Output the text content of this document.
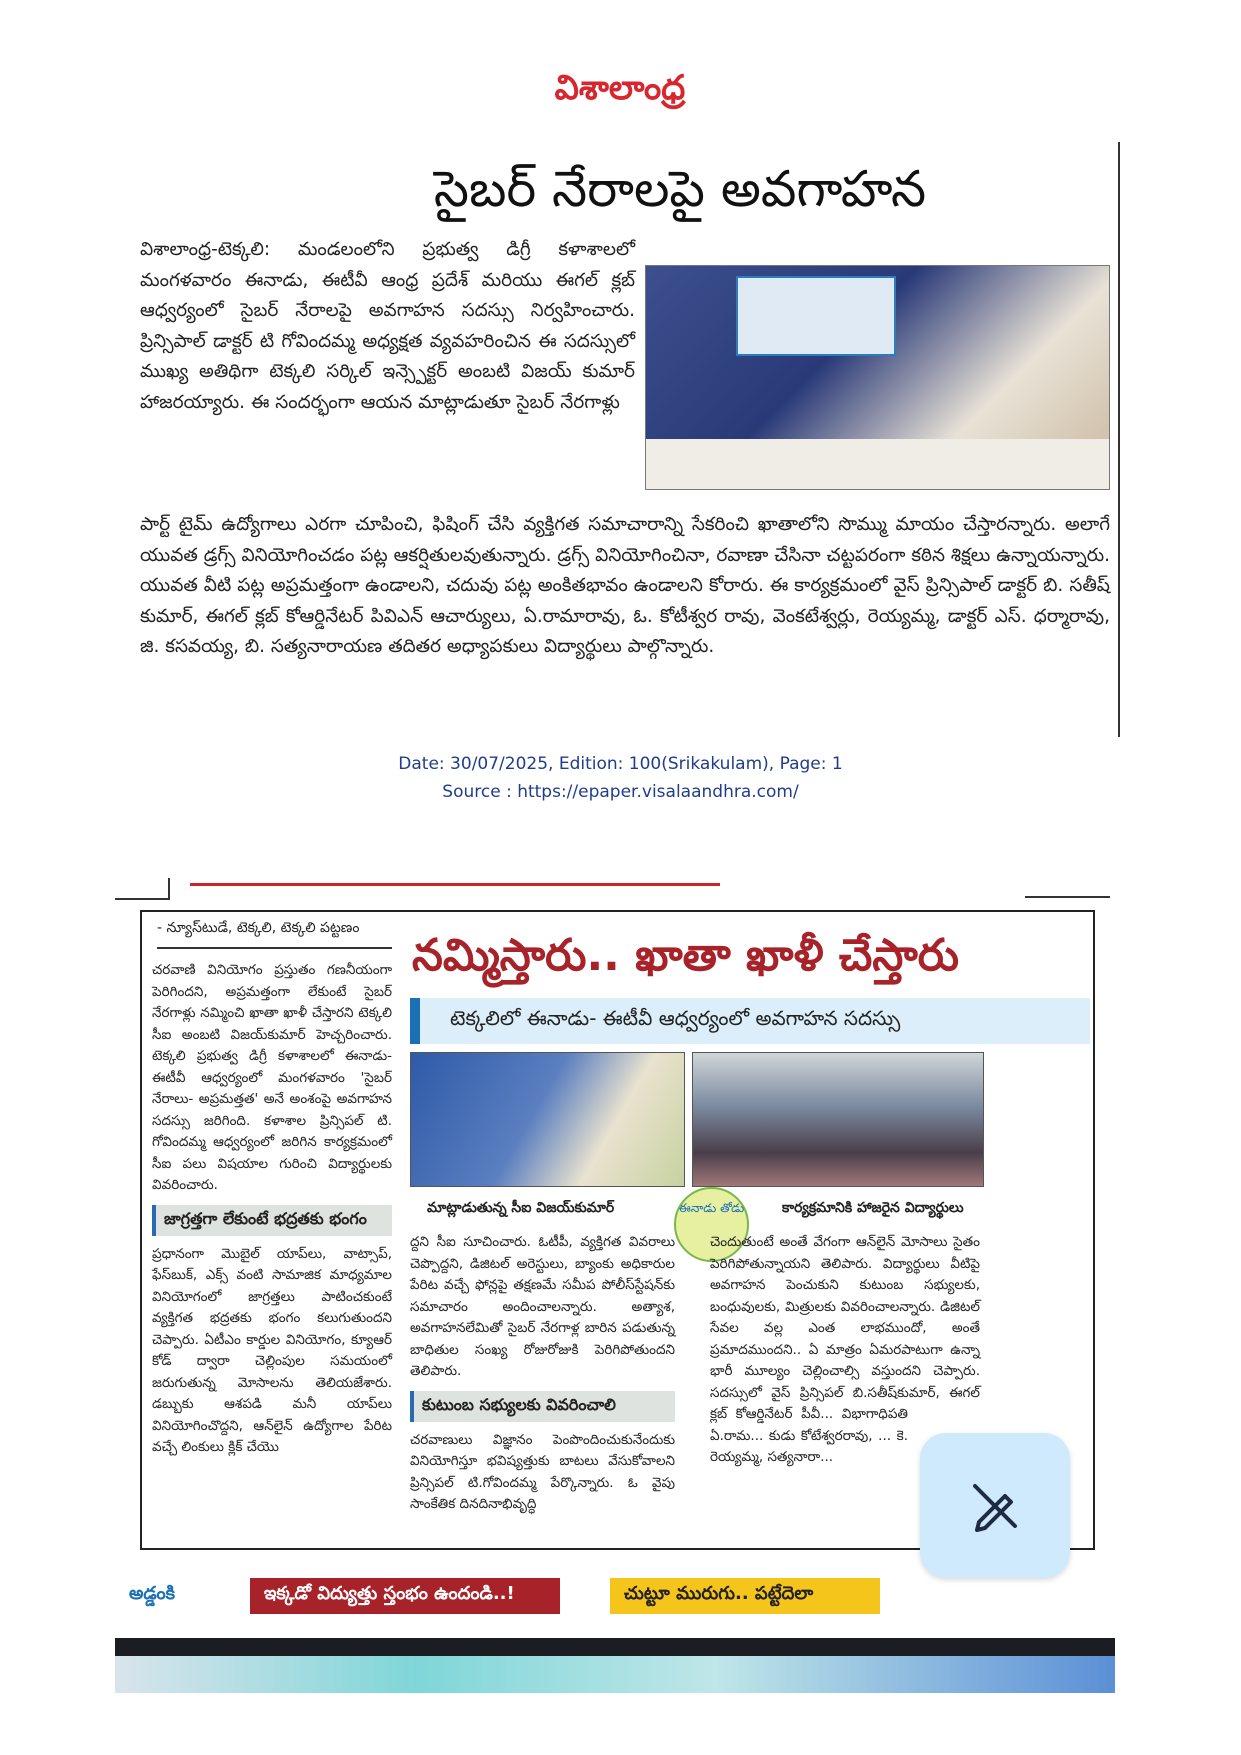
విశాలాంధ్ర
సైబర్ నేరాలపై అవగాహన
విశాలాంధ్ర-టెక్కలి: మండలంలోని ప్రభుత్వ డిగ్రీ కళాశాలలో మంగళవారం ఈనాడు, ఈటీవీ ఆంధ్ర ప్రదేశ్ మరియు ఈగల్ క్లబ్ ఆధ్వర్యంలో సైబర్ నేరాలపై అవగాహన సదస్సు నిర్వహించారు. ప్రిన్సిపాల్ డాక్టర్ టి గోవిందమ్మ అధ్యక్షత వ్యవహరించిన ఈ సదస్సులో ముఖ్య అతిథిగా టెక్కలి సర్కిల్ ఇన్స్పెక్టర్ అంబటి విజయ్ కుమార్ హాజరయ్యారు. ఈ సందర్భంగా ఆయన మాట్లాడుతూ సైబర్ నేరగాళ్లు
పార్ట్ టైమ్ ఉద్యోగాలు ఎరగా చూపించి, ఫిషింగ్ చేసి వ్యక్తిగత సమాచారాన్ని సేకరించి ఖాతాలోని సొమ్ము మాయం చేస్తారన్నారు. అలాగే యువత డ్రగ్స్ వినియోగించడం పట్ల ఆకర్షితులవుతున్నారు. డ్రగ్స్ వినియోగించినా, రవాణా చేసినా చట్టపరంగా కఠిన శిక్షలు ఉన్నాయన్నారు. యువత వీటి పట్ల అప్రమత్తంగా ఉండాలని, చదువు పట్ల అంకితభావం ఉండాలని కోరారు. ఈ కార్యక్రమంలో వైస్ ప్రిన్సిపాల్ డాక్టర్ బి. సతీష్ కుమార్, ఈగల్ క్లబ్ కోఆర్డినేటర్ పివిఎన్ ఆచార్యులు, ఏ.రామారావు, ఓ. కోటీశ్వర రావు, వెంకటేశ్వర్లు, రెయ్యమ్మ, డాక్టర్ ఎస్. ధర్మారావు, జి. కసవయ్య, బి. సత్యనారాయణ తదితర అధ్యాపకులు విద్యార్థులు పాల్గొన్నారు.
Date: 30/07/2025, Edition: 100(Srikakulam), Page: 1
Source : https://epaper.visalaandhra.com/
- న్యూస్‌టుడే, టెక్కలి, టెక్కలి పట్టణం

చరవాణి వినియోగం ప్రస్తుతం గణనీయంగా పెరిగిందని, అప్రమత్తంగా లేకుంటే సైబర్ నేరగాళ్లు నమ్మించి ఖాతా ఖాళీ చేస్తారని టెక్కలి సీఐ అంబటి విజయ్‌కుమార్ హెచ్చరించారు. టెక్కలి ప్రభుత్వ డిగ్రీ కళాశాలలో ఈనాడు- ఈటీవీ ఆధ్వర్యంలో మంగళవారం 'సైబర్ నేరాలు- అప్రమత్తత' అనే అంశంపై అవగాహన సదస్సు జరిగింది. కళాశాల ప్రిన్సిపల్ టి. గోవిందమ్మ ఆధ్వర్యంలో జరిగిన కార్యక్రమంలో సీఐ పలు విషయాల గురించి విద్యార్థులకు వివరించారు.

జాగ్రత్తగా లేకుంటే భద్రతకు భంగం

ప్రధానంగా మొబైల్ యాప్‌లు, వాట్సాప్, ఫేస్‌బుక్, ఎక్స్ వంటి సామాజిక మాధ్యమాల వినియోగంలో జాగ్రత్తలు పాటించకుంటే వ్యక్తిగత భద్రతకు భంగం కలుగుతుందని చెప్పారు. ఏటీఎం కార్డుల వినియోగం, క్యూఆర్ కోడ్ ద్వారా చెల్లింపుల సమయంలో జరుగుతున్న మోసాలను తెలియజేశారు. డబ్బుకు ఆశపడి మనీ యాప్‌లు వినియోగించొద్దని, ఆన్‌లైన్ ఉద్యోగాల పేరిట వచ్చే లింకులు క్లిక్ చేయొ

నమ్మిస్తారు.. ఖాతా ఖాళీ చేస్తారు
టెక్కలిలో ఈనాడు- ఈటీవీ ఆధ్వర్యంలో అవగాహన సదస్సు
మాట్లాడుతున్న సీఐ విజయ్‌కుమార్	కార్యక్రమానికి హాజరైన విద్యార్థులు
ఈనాడు తోడు

ద్దని సీఐ సూచించారు. ఓటీపీ, వ్యక్తిగత వివరాలు చెప్పొద్దని, డిజిటల్ అరెస్టులు, బ్యాంకు అధికారుల పేరిట వచ్చే ఫోన్లపై తక్షణమే సమీప పోలీస్‌స్టేషన్‌కు సమాచారం అందించాలన్నారు. అత్యాశ, అవగాహనలేమితో సైబర్ నేరగాళ్ల బారిన పడుతున్న బాధితుల సంఖ్య రోజురోజుకి పెరిగిపోతుందని తెలిపారు.

కుటుంబ సభ్యులకు వివరించాలి

చరవాణులు విజ్ఞానం పెంపొందించుకునేందుకు వినియోగిస్తూ భవిష్యత్తుకు బాటలు వేసుకోవాలని ప్రిన్సిపల్ టి.గోవిందమ్మ పేర్కొన్నారు. ఓ వైపు సాంకేతిక దినదినాభివృద్ధి

చెందుతుంటే అంతే వేగంగా ఆన్‌లైన్ మోసాలు సైతం పెరిగిపోతున్నాయని తెలిపారు. విద్యార్థులు వీటిపై అవగాహన పెంచుకుని కుటుంబ సభ్యులకు, బంధువులకు, మిత్రులకు వివరించాలన్నారు. డిజిటల్ సేవల వల్ల ఎంత లాభముందో, అంతే ప్రమాదముందని.. ఏ మాత్రం ఏమరపాటుగా ఉన్నా భారీ మూల్యం చెల్లించాల్సి వస్తుందని చెప్పారు. సదస్సులో వైస్ ప్రిన్సిపల్ బి.సతీష్‌కుమార్, ఈగల్ క్లబ్ కోఆర్డినేటర్ పీవీ... విభాగాధిపతి ఏ.రామ... కుడు కోటేశ్వరరావు, ... కె. రెయ్యమ్మ, సత్యనారా...

అడ్డంకి	ఇక్కడో విద్యుత్తు స్తంభం ఉందండి..!	చుట్టూ మురుగు.. పట్టేదెలా
